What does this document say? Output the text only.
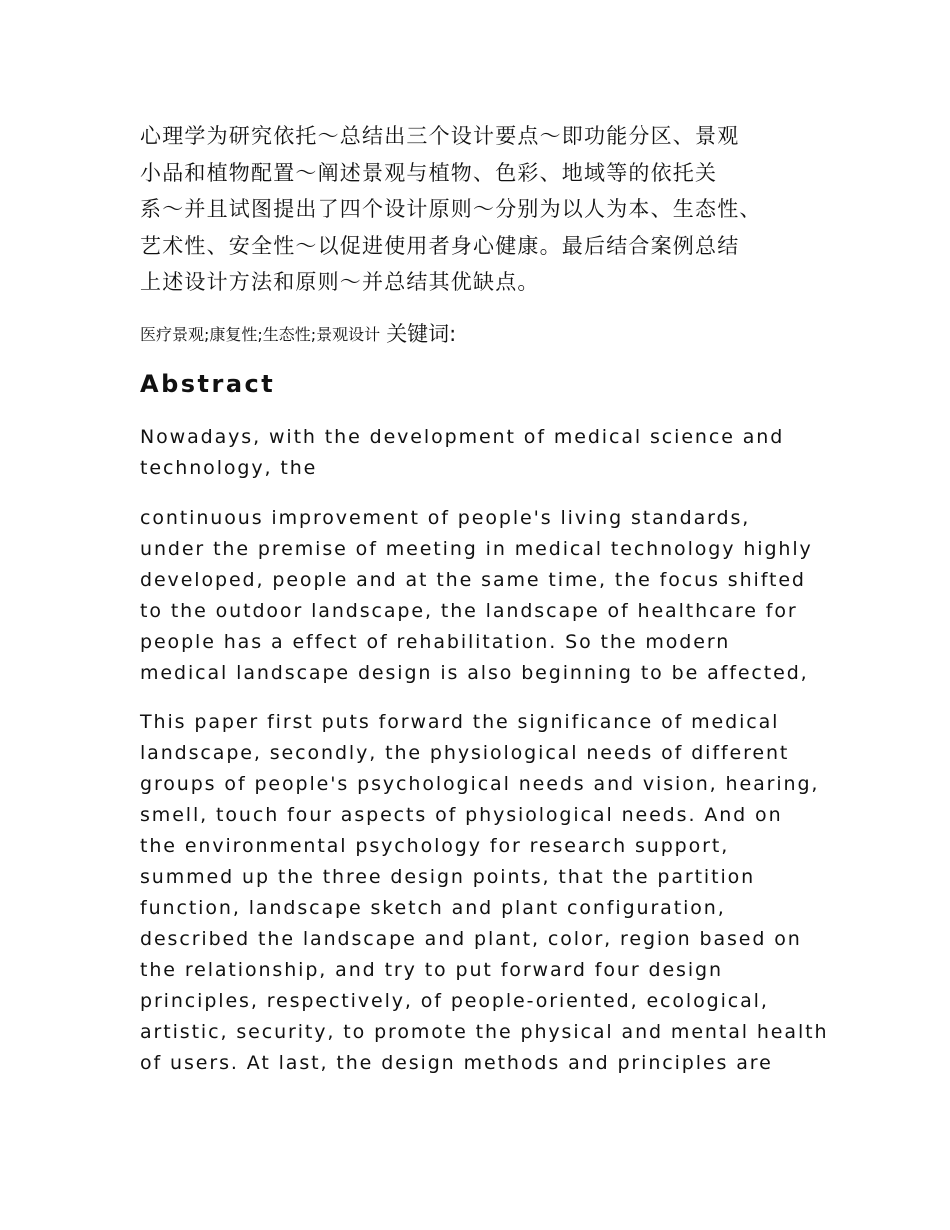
心理学为研究依托～总结出三个设计要点～即功能分区、景观
小品和植物配置～阐述景观与植物、色彩、地域等的依托关
系～并且试图提出了四个设计原则～分别为以人为本、生态性、
艺术性、安全性～以促进使用者身心健康。最后结合案例总结
上述设计方法和原则～并总结其优缺点。

医疗景观;康复性;生态性;景观设计 关键词:

Abstract

Nowadays, with the development of medical science and
technology, the

continuous improvement of people's living standards,
under the premise of meeting in medical technology highly
developed, people and at the same time, the focus shifted
to the outdoor landscape, the landscape of healthcare for
people has a effect of rehabilitation. So the modern
medical landscape design is also beginning to be affected,

This paper first puts forward the significance of medical
landscape, secondly, the physiological needs of different
groups of people's psychological needs and vision, hearing,
smell, touch four aspects of physiological needs. And on
the environmental psychology for research support,
summed up the three design points, that the partition
function, landscape sketch and plant configuration,
described the landscape and plant, color, region based on
the relationship, and try to put forward four design
principles, respectively, of people-oriented, ecological,
artistic, security, to promote the physical and mental health
of users. At last, the design methods and principles are
